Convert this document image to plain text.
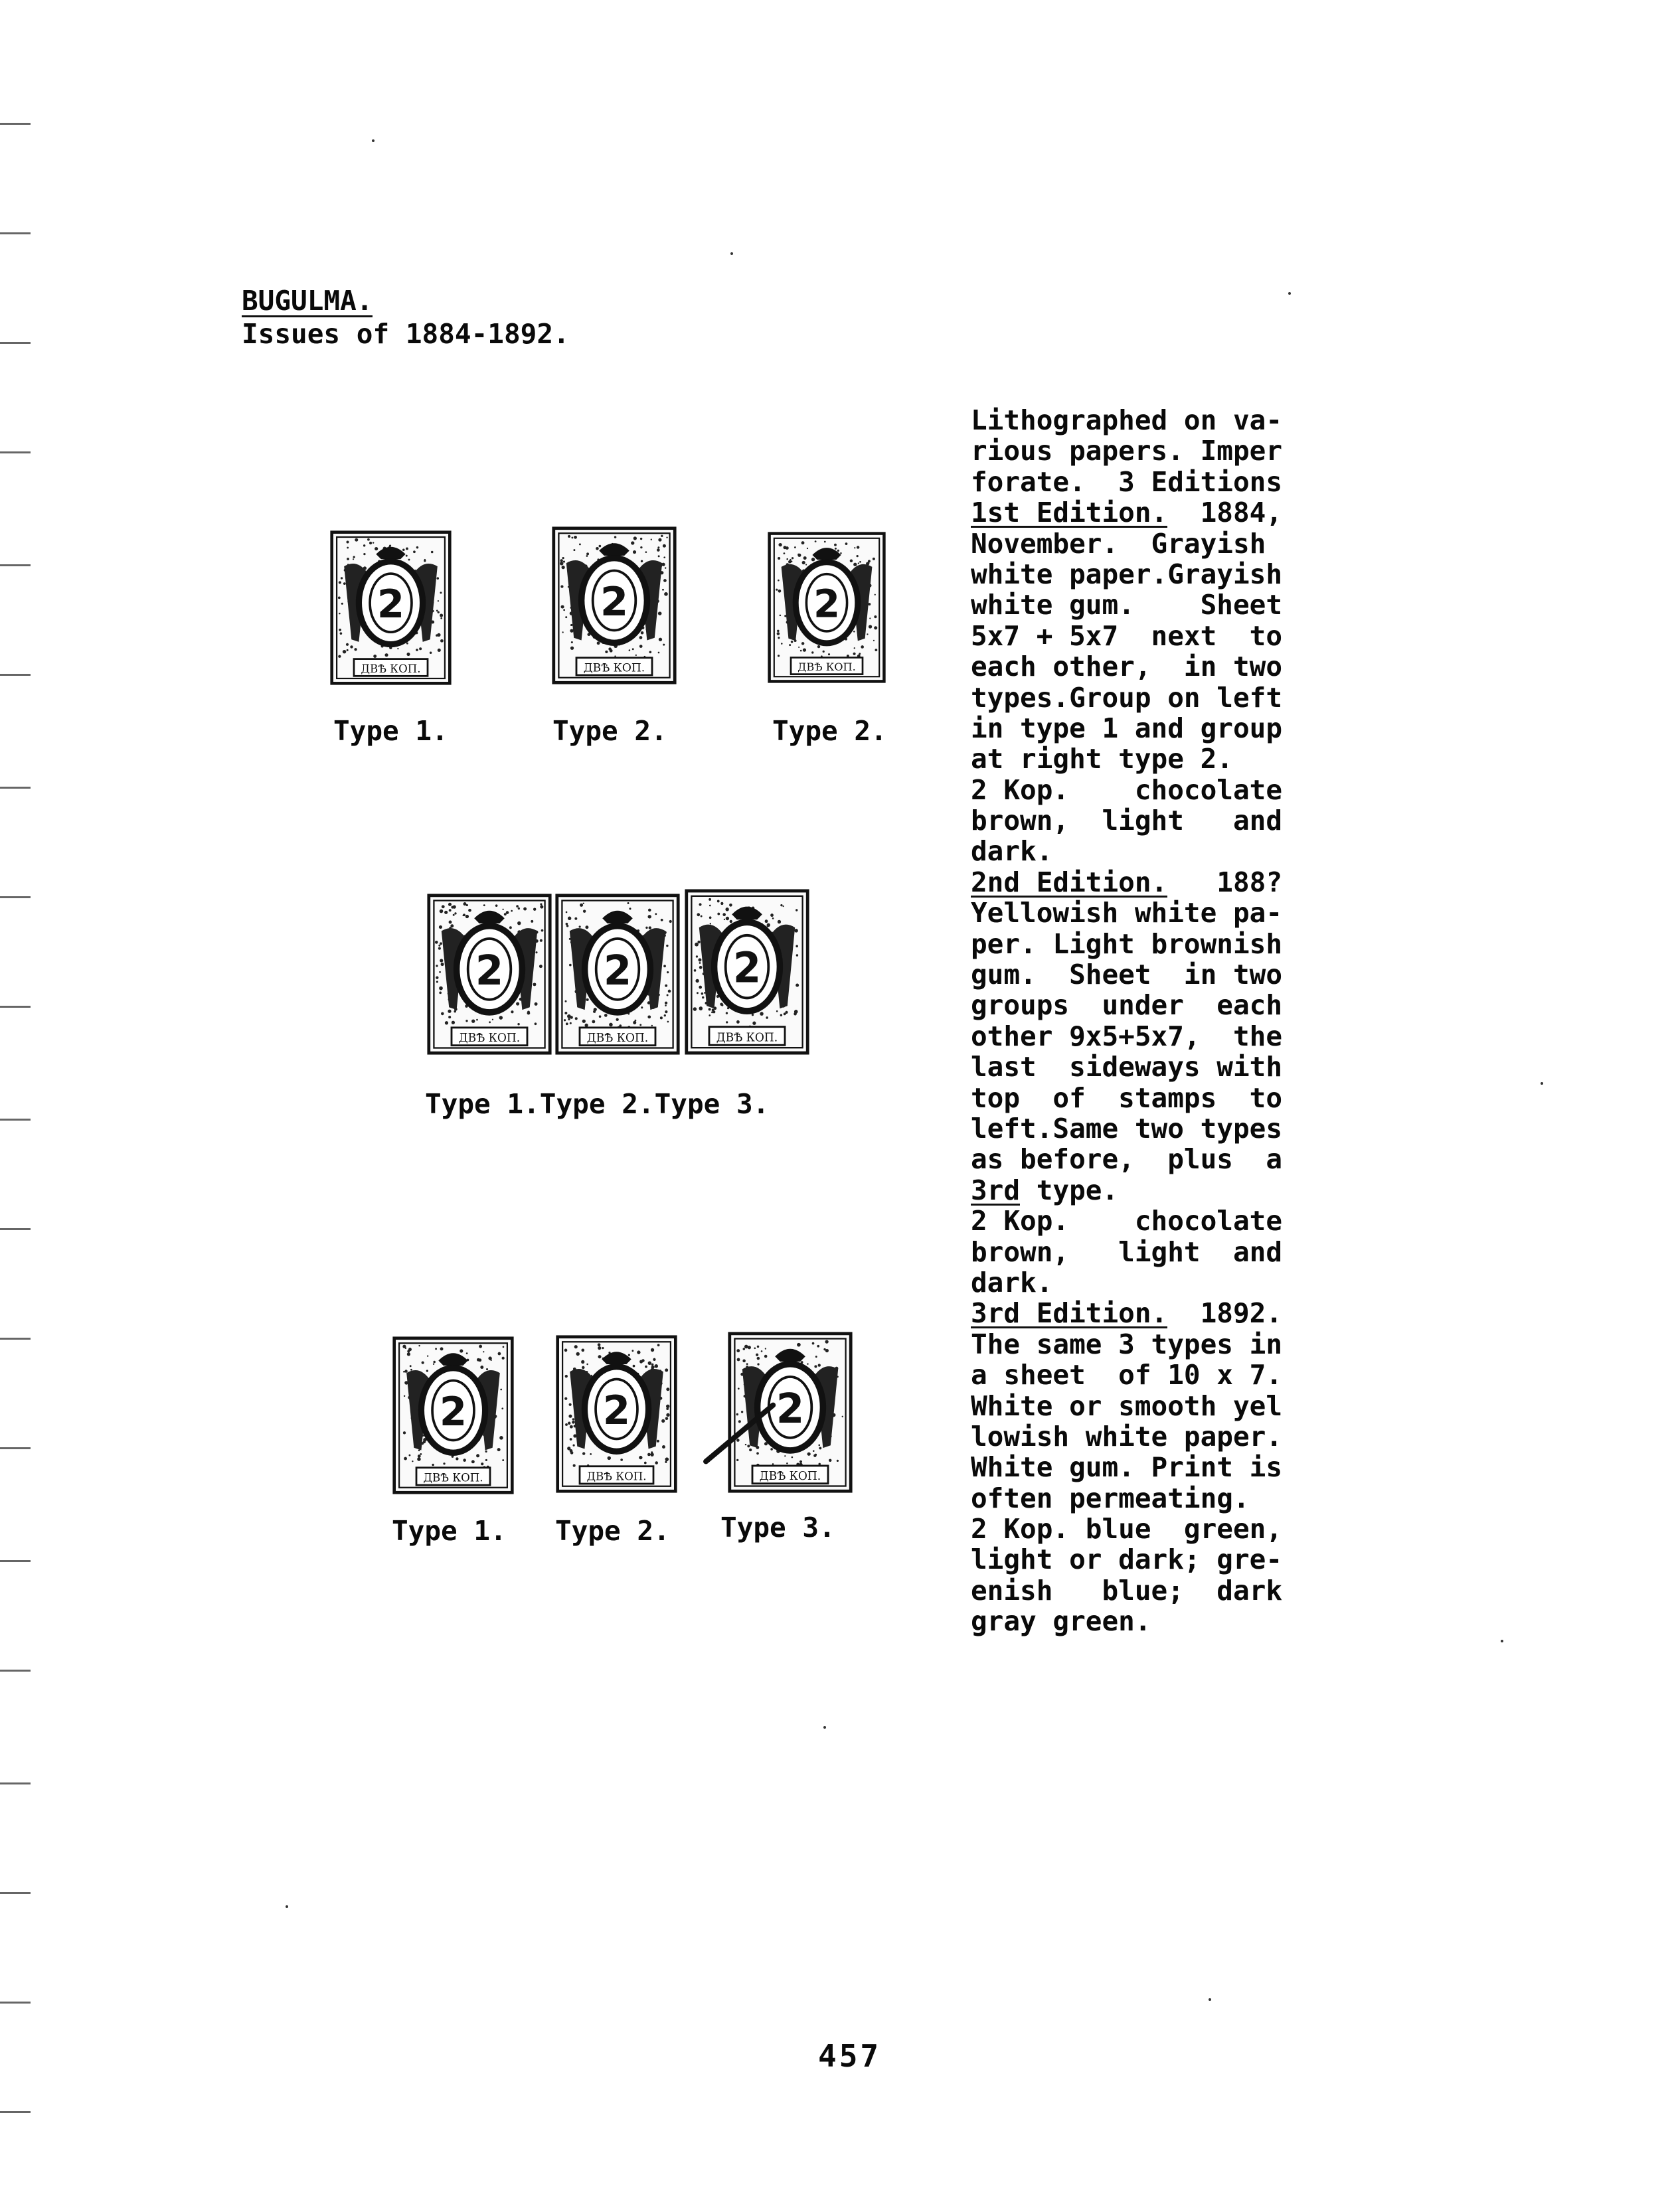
BUGULMA.
Issues of 1884-1892.
2
ДВѢ КОП.
2
ДВѢ КОП.
2
ДВѢ КОП.
Type 1.	Type 2.	Type 2.
2
ДВѢ КОП.
2
ДВѢ КОП.
2
ДВѢ КОП.
Type 1.Type 2.Type 3.
2
ДВѢ КОП.
2
ДВѢ КОП.
2
ДВѢ КОП.
Type 1. Type 2. Type 3.
Lithographed on va-
rious papers. Imper
forate.  3 Editions
1st Edition.  1884,
November.  Grayish
white paper.Grayish
white gum.    Sheet
5x7 + 5x7  next  to
each other,  in two
types.Group on left
in type 1 and group
at right type 2.
2 Kop.    chocolate
brown,  light   and
dark.
2nd Edition.   188?
Yellowish white pa-
per. Light brownish
gum.  Sheet  in two
groups  under  each
other 9x5+5x7,  the
last  sideways with
top  of  stamps  to
left.Same two types
as before,  plus  a
3rd type.
2 Kop.    chocolate
brown,   light  and
dark.
3rd Edition.  1892.
The same 3 types in
a sheet  of 10 x 7.
White or smooth yel
lowish white paper.
White gum. Print is
often permeating.
2 Kop. blue  green,
light or dark; gre-
enish   blue;  dark
gray green.
457
